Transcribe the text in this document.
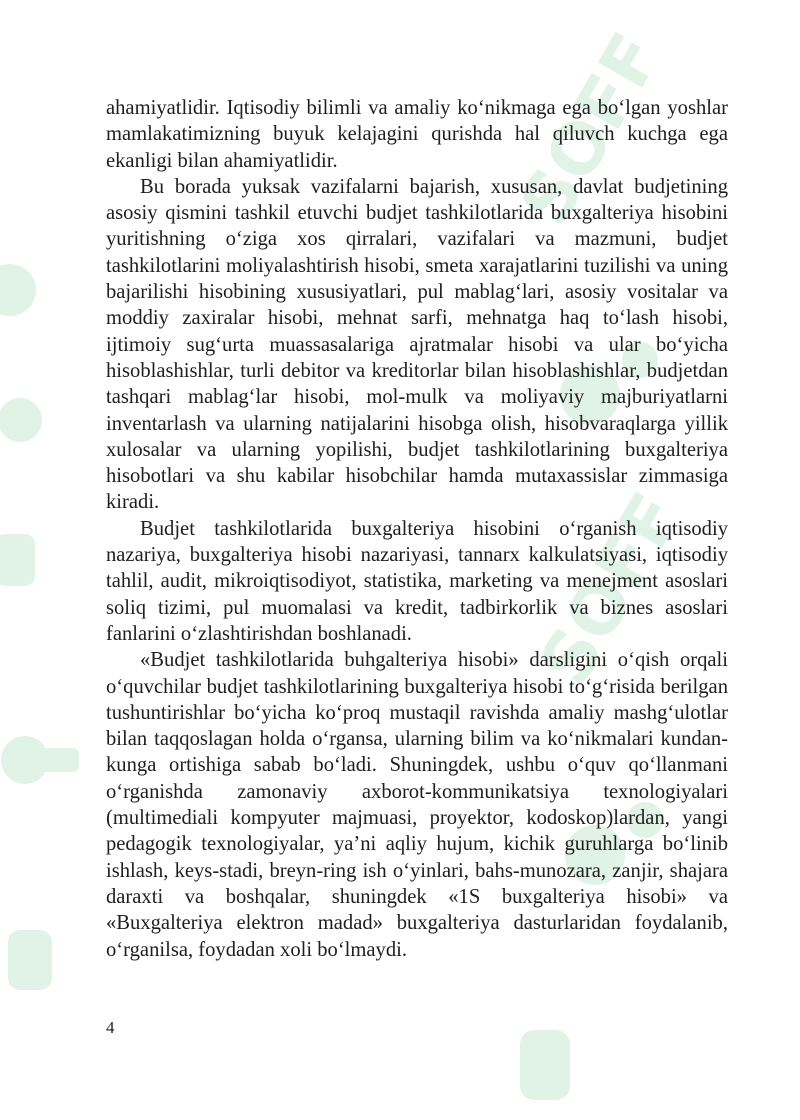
SOFF
SOFF

ahamiyatlidir. Iqtisodiy bilimli va amaliy ko‘nikmaga ega bo‘lgan yoshlar mamlakatimizning buyuk kelajagini qurishda hal qiluvch kuchga ega ekanligi bilan ahamiyatlidir.

Bu borada yuksak vazifalarni bajarish, xususan, davlat budjetining asosiy qismini tashkil etuvchi budjet tashkilotlarida buxgalteriya hisobini yuritishning o‘ziga xos qirralari, vazifalari va mazmuni, budjet tashkilotlarini moliyalashtirish hisobi, smeta xarajatlarini tuzilishi va uning bajarilishi hisobining xususiyatlari, pul mablag‘lari, asosiy vositalar va moddiy zaxiralar hisobi, mehnat sarfi, mehnatga haq to‘lash hisobi, ijtimoiy sug‘urta muassasalariga ajratmalar hisobi va ular bo‘yicha hisoblashishlar, turli debitor va kreditorlar bilan hisoblashishlar, budjetdan tashqari mablag‘lar hisobi, mol-mulk va moliyaviy majburiyatlarni inventarlash va ularning natijalarini hisobga olish, hisobvaraqlarga yillik xulosalar va ularning yopilishi, budjet tashkilotlarining buxgalteriya hisobotlari va shu kabilar hisobchilar hamda mutaxassislar zimmasiga kiradi.

Budjet tashkilotlarida buxgalteriya hisobini o‘rganish iqtisodiy nazariya, buxgalteriya hisobi nazariyasi, tannarx kalkulatsiyasi, iqtisodiy tahlil, audit, mikroiqtisodiyot, statistika, marketing va menejment asoslari soliq tizimi, pul muomalasi va kredit, tadbirkorlik va biznes asoslari fanlarini o‘zlashtirishdan boshlanadi.

«Budjet tashkilotlarida buhgalteriya hisobi» darsligini o‘qish orqali o‘quvchilar budjet tashkilotlarining buxgalteriya hisobi to‘g‘risida berilgan tushuntirishlar bo‘yicha ko‘proq mustaqil ravishda amaliy mashg‘ulotlar bilan taqqoslagan holda o‘rgansa, ularning bilim va ko‘nikmalari kundan-kunga ortishiga sabab bo‘ladi. Shuningdek, ushbu o‘quv qo‘llanmani o‘rganishda zamonaviy axborot-kommunikatsiya texnologiyalari (multimediali kompyuter majmuasi, proyektor, kodoskop)lardan, yangi pedagogik texnologiyalar, ya’ni aqliy hujum, kichik guruhlarga bo‘linib ishlash, keys-stadi, breyn-ring ish o‘yinlari, bahs-munozara, zanjir, shajara daraxti va boshqalar, shuningdek «1S buxgalteriya hisobi» va «Buxgalteriya elektron madad» buxgalteriya dasturlaridan foydalanib, o‘rganilsa, foydadan xoli bo‘lmaydi.

4
